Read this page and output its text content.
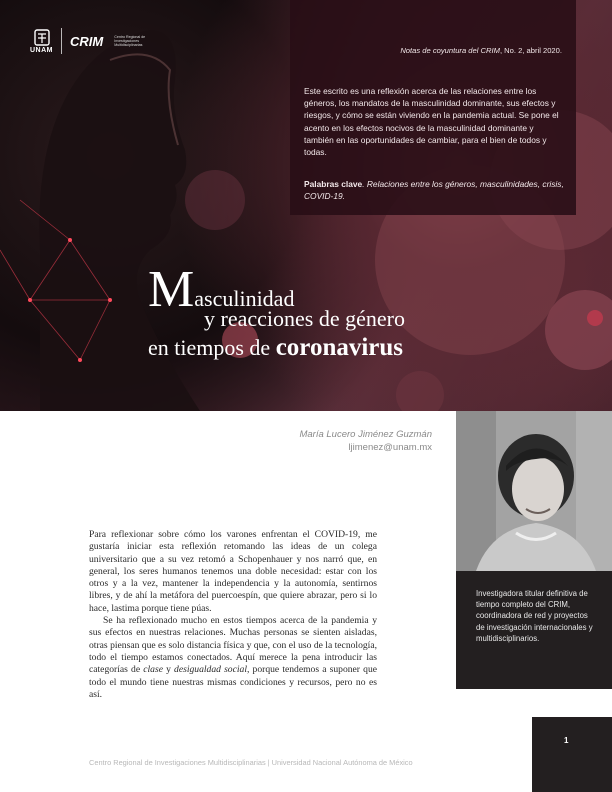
UNAM
CRIM	Centro Regional de Investigaciones Multidisciplinarias
Notas de coyuntura del CRIM, No. 2, abril 2020.

Este escrito es una reflexión acerca de las relaciones entre los géneros, los mandatos de la masculinidad dominante, sus efectos y riesgos, y cómo se están viviendo en la pandemia actual. Se pone el acento en los efectos nocivos de la masculinidad dominante y también en las oportunidades de cambiar, para el bien de todos y todas.

Palabras clave. Relaciones entre los géneros, masculinidades, crisis, COVID-19.

Masculinidad
y reacciones de género
en tiempos de coronavirus
María Lucero Jiménez Guzmán
ljimenez@unam.mx

Investigadora titular definitiva de tiempo completo del CRIM, coordinadora de red y proyectos de investigación internacionales y multidisciplinarios.

Para reflexionar sobre cómo los varones enfrentan el COVID-19, me gustaría iniciar esta reflexión retomando las ideas de un colega universitario que a su vez retomó a Schopenhauer y nos narró que, en general, los seres humanos tenemos una doble necesidad: estar con los otros y a la vez, mantener la independencia y la autonomía, sentirnos libres, y de ahí la metáfora del puercoespín, que quiere abrazar, pero si lo hace, lastima porque tiene púas.

Se ha reflexionado mucho en estos tiempos acerca de la pandemia y sus efectos en nuestras relaciones. Muchas personas se sienten aisladas, otras piensan que es solo distancia física y que, con el uso de la tecnología, todo el tiempo estamos conectados. Aquí merece la pena introducir las categorías de clase y desigualdad social, porque tendemos a suponer que todo el mundo tiene nuestras mismas condiciones y recursos, pero no es así.

Centro Regional de Investigaciones Multidisciplinarias | Universidad Nacional Autónoma de México
1
